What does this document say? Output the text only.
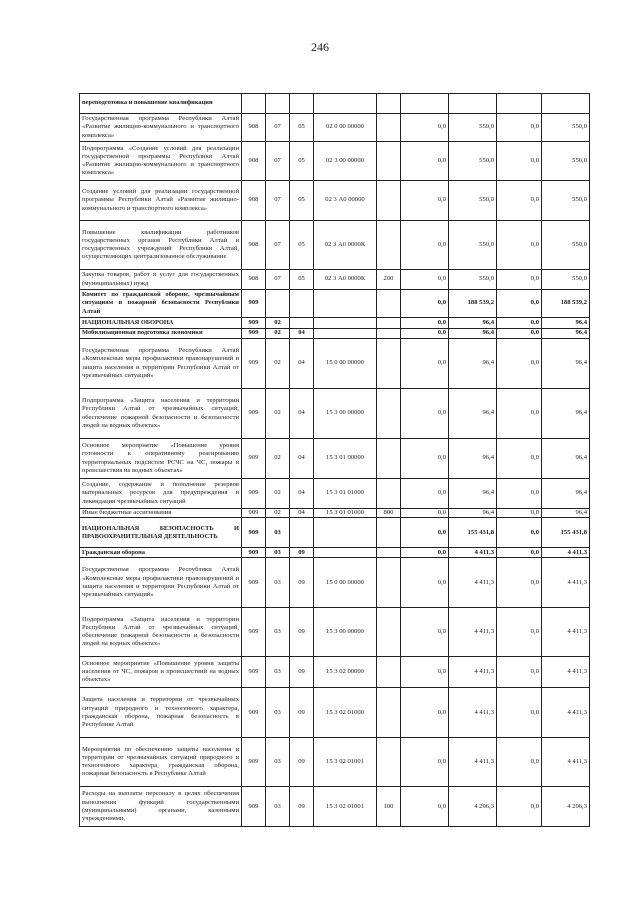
246
переподготовка и повышение квалификации									
Государственная программа Республики Алтай «Развитие жилищно-коммунального и транспортного комплекса»	908	07	05	02 0 00 00000		0,0	550,0	0,0	550,0
Подпрограмма «Создание условий для реализации государственной программы Республики Алтай «Развитие жилищно-коммунального и транспортного комплекса»	908	07	05	02 3 00 00000		0,0	550,0	0,0	550,0
Создание условий для реализации государственной программы Республики Алтай «Развитие жилищно-коммунального и транспортного комплекса»	908	07	05	02 3 А0 00000		0,0	550,0	0,0	550,0
Повышение квалификации работников государственных органов Республики Алтай и государственных учреждений Республики Алтай, осуществляющих централизованное обслуживание	908	07	05	02 3 А0 0000К		0,0	550,0	0,0	550,0
Закупка товаров, работ и услуг для государственных (муниципальных) нужд	908	07	05	02 3 А0 0000К	200	0,0	550,0	0,0	550,0
Комитет по гражданской обороне, чрезвычайным ситуациям и пожарной безопасности Республики Алтай	909					0,0	188 539,2	0,0	188 539,2
НАЦИОНАЛЬНАЯ ОБОРОНА	909	02				0,0	96,4	0,0	96,4
Мобилизационная подготовка экономики	909	02	04			0,0	96,4	0,0	96,4
Государственная программа Республики Алтай «Комплексные меры профилактики правонарушений и защита населения и территории Республики Алтай от чрезвычайных ситуаций»	909	02	04	15 0 00 00000		0,0	96,4	0,0	96,4
Подпрограмма «Защита населения и территории Республики Алтай от чрезвычайных ситуаций, обеспечение пожарной безопасности и безопасности людей на водных объектах»	909	02	04	15 3 00 00000		0,0	96,4	0,0	96,4
Основное мероприятие «Повышение уровня готовности к оперативному реагированию территориальных подсистем РСЧС на ЧС, пожары и происшествия на водных объектах»	909	02	04	15 3 01 00000		0,0	96,4	0,0	96,4
Создание, содержание и пополнение резервов материальных ресурсов для предупреждения и ликвидации чрезвычайных ситуаций	909	02	04	15 3 01 01000		0,0	96,4	0,0	96,4
Иные бюджетные ассигнования	909	02	04	15 3 01 01000	800	0,0	96,4	0,0	96,4
НАЦИОНАЛЬНАЯ БЕЗОПАСНОСТЬ И ПРАВООХРАНИТЕЛЬНАЯ ДЕЯТЕЛЬНОСТЬ	909	03				0,0	155 431,8	0,0	155 431,8
Гражданская оборона	909	03	09			0,0	4 411,3	0,0	4 411,3
Государственная программа Республики Алтай «Комплексные меры профилактики правонарушений и защита населения и территории Республики Алтай от чрезвычайных ситуаций»	909	03	09	15 0 00 00000		0,0	4 411,3	0,0	4 411,3
Подпрограмма «Защита населения и территории Республики Алтай от чрезвычайных ситуаций, обеспечение пожарной безопасности и безопасности людей на водных объектах»	909	03	09	15 3 00 00000		0,0	4 411,3	0,0	4 411,3
Основное мероприятие «Повышение уровня защиты населения от ЧС, пожаров и происшествий на водных объектах»	909	03	09	15 3 02 00000		0,0	4 411,3	0,0	4 411,3
Защита населения и территории от чрезвычайных ситуаций природного и техногенного характера, гражданская оборона, пожарная безопасность в Республике Алтай	909	03	09	15 3 02 01000		0,0	4 411,3	0,0	4 411,3
Мероприятия по обеспечению защиты населения и территории от чрезвычайных ситуаций природного и техногенного характера, гражданская оборона, пожарная безопасность в Республике Алтай	909	03	09	15 3 02 01001		0,0	4 411,3	0,0	4 411,3
Расходы на выплаты персоналу в целях обеспечения выполнения функций государственными (муниципальными) органами, казенными учреждениями,	909	03	09	15 3 02 01001	100	0,0	4 296,3	0,0	4 296,3
